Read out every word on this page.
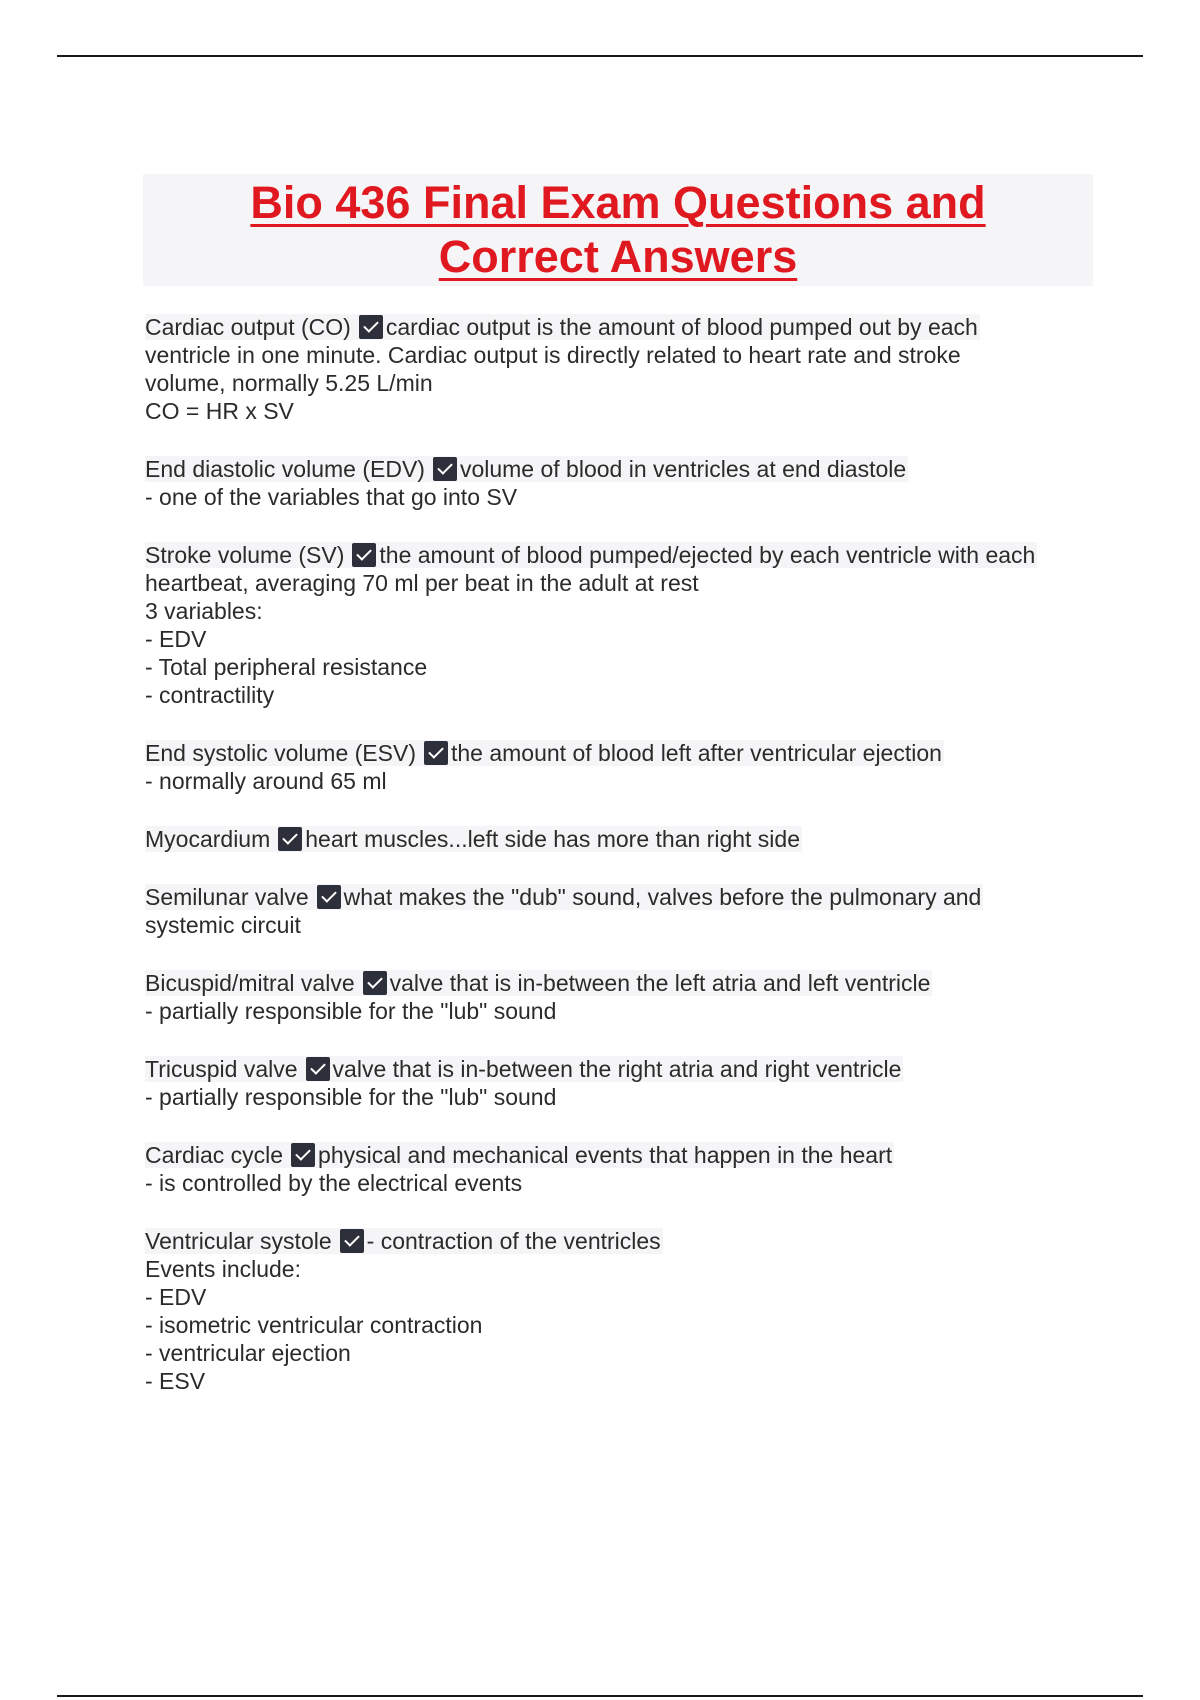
Bio 436 Final Exam Questions and
Correct Answers
Cardiac output (CO) cardiac output is the amount of blood pumped out by each
ventricle in one minute. Cardiac output is directly related to heart rate and stroke
volume, normally 5.25 L/min
CO = HR x SV
End diastolic volume (EDV) volume of blood in ventricles at end diastole
- one of the variables that go into SV
Stroke volume (SV) the amount of blood pumped/ejected by each ventricle with each
heartbeat, averaging 70 ml per beat in the adult at rest
3 variables:
- EDV
- Total peripheral resistance
- contractility
End systolic volume (ESV) the amount of blood left after ventricular ejection
- normally around 65 ml
Myocardium heart muscles...left side has more than right side
Semilunar valve what makes the "dub" sound, valves before the pulmonary and
systemic circuit
Bicuspid/mitral valve valve that is in-between the left atria and left ventricle
- partially responsible for the "lub" sound
Tricuspid valve valve that is in-between the right atria and right ventricle
- partially responsible for the "lub" sound
Cardiac cycle physical and mechanical events that happen in the heart
- is controlled by the electrical events
Ventricular systole - contraction of the ventricles
Events include:
- EDV
- isometric ventricular contraction
- ventricular ejection
- ESV
